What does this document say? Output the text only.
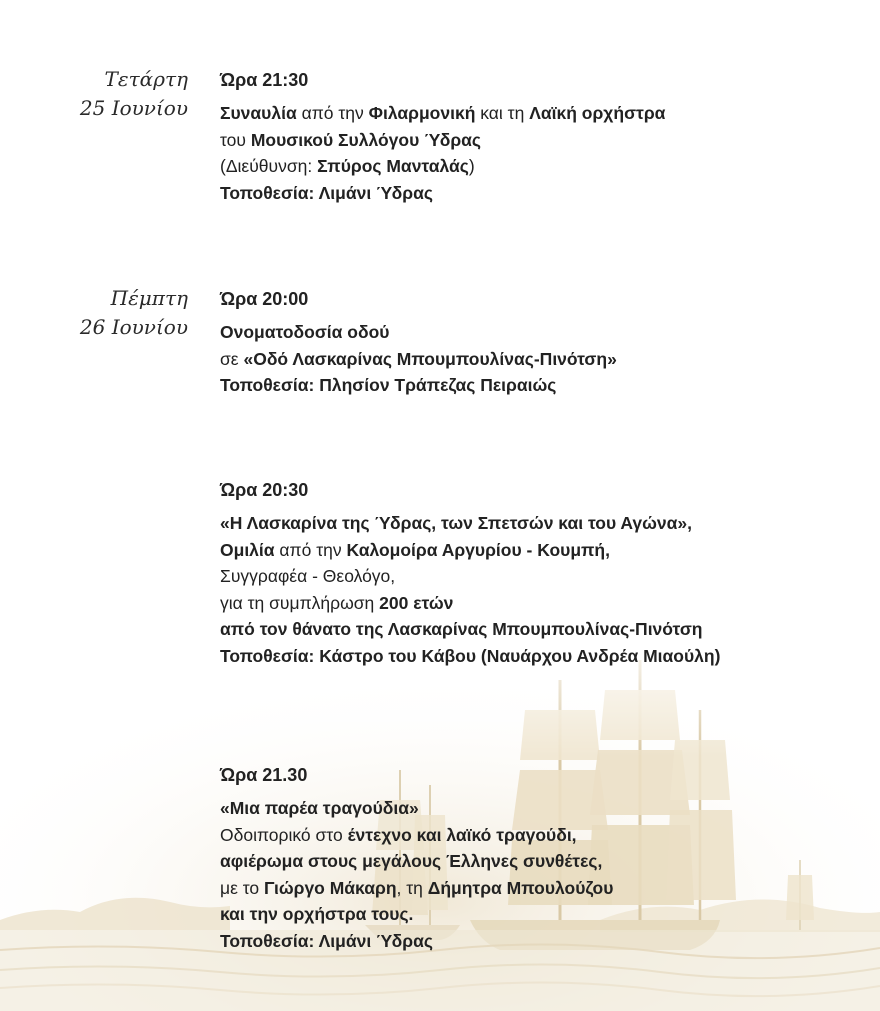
Τετάρτη
25 Ιουνίου
Ώρα 21:30
Συναυλία από την Φιλαρμονική και τη Λαϊκή ορχήστρα
του Μουσικού Συλλόγου Ύδρας
(Διεύθυνση: Σπύρος Μανταλάς)
Τοποθεσία: Λιμάνι Ύδρας
Πέμπτη
26 Ιουνίου
Ώρα 20:00
Ονοματοδοσία οδού
σε «Οδό Λασκαρίνας Μπουμπουλίνας-Πινότση»
Τοποθεσία: Πλησίον Τράπεζας Πειραιώς
Ώρα 20:30
«Η Λασκαρίνα της Ύδρας, των Σπετσών και του Αγώνα»,
Ομιλία από την Καλομοίρα Αργυρίου - Κουμπή,
Συγγραφέα - Θεολόγο,
για τη συμπλήρωση 200 ετών
από τον θάνατο της Λασκαρίνας Μπουμπουλίνας-Πινότση
Τοποθεσία: Κάστρο του Κάβου (Ναυάρχου Ανδρέα Μιαούλη)
Ώρα 21.30
«Μια παρέα τραγούδια»
Οδοιπορικό στο έντεχνο και λαϊκό τραγούδι,
αφιέρωμα στους μεγάλους Έλληνες συνθέτες,
με το Γιώργο Μάκαρη, τη Δήμητρα Μπουλούζου
και την ορχήστρα τους.
Τοποθεσία: Λιμάνι Ύδρας
